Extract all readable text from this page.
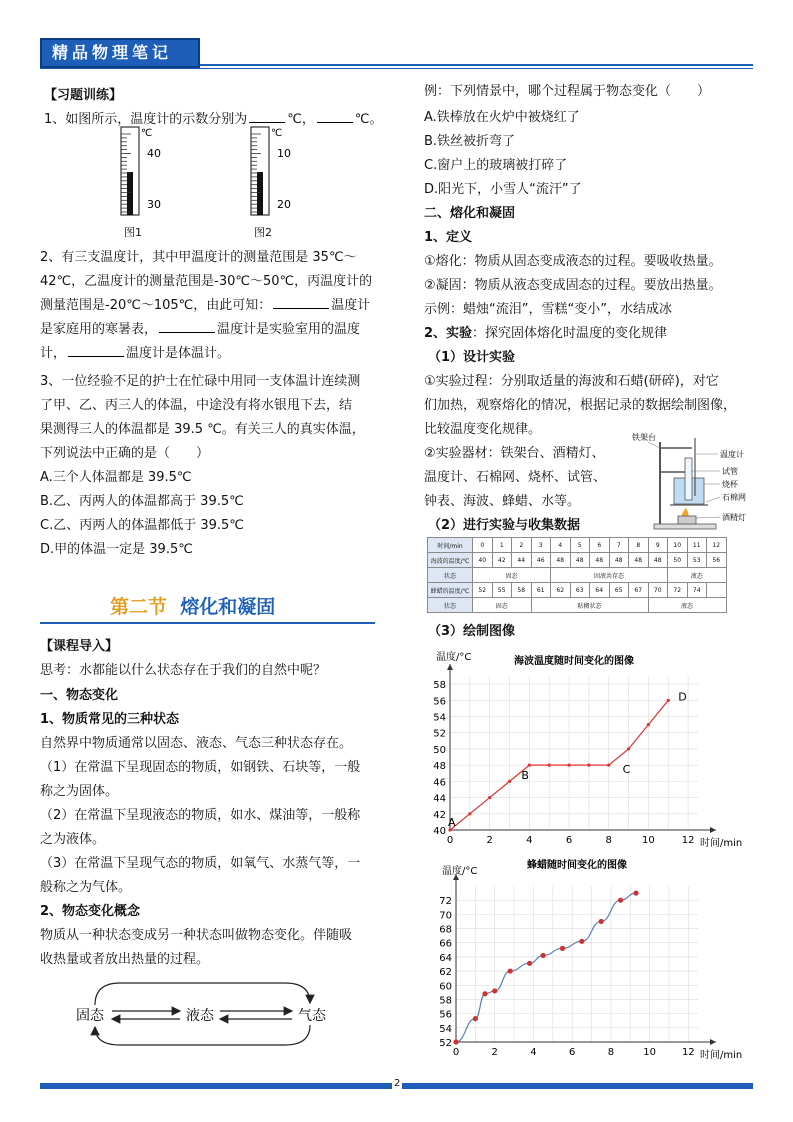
精品物理笔记
【习题训练】
1、如图所示，温度计的示数分别为	℃，	℃。
℃
40
30
图1
℃
10
20
图2
2、有三支温度计，其中甲温度计的测量范围是 35℃～
42℃，乙温度计的测量范围是-30℃～50℃，丙温度计的
测量范围是-20℃～105℃，由此可知：	温度计
是家庭用的寒暑表，	温度计是实验室用的温度
计，	温度计是体温计。
3、一位经验不足的护士在忙碌中用同一支体温计连续测
了甲、乙、丙三人的体温，中途没有将水银甩下去，结
果测得三人的体温都是 39.5 ℃。有关三人的真实体温，
下列说法中正确的是（　　）
A.三个人体温都是 39.5℃
B.乙、丙两人的体温都高于 39.5℃
C.乙、丙两人的体温都低于 39.5℃
D.甲的体温一定是 39.5℃
第二节 熔化和凝固
【课程导入】
思考：水都能以什么状态存在于我们的自然中呢？
一、物态变化
1、物质常见的三种状态
自然界中物质通常以固态、液态、气态三种状态存在。
（1）在常温下呈现固态的物质，如钢铁、石块等，一般
称之为固体。
（2）在常温下呈现液态的物质，如水、煤油等，一般称
之为液体。
（3）在常温下呈现气态的物质，如氧气、水蒸气等，一
般称之为气体。
2、物态变化概念
物质从一种状态变成另一种状态叫做物态变化。伴随吸
收热量或者放出热量的过程。
固态	液态	气态
例：下列情景中，哪个过程属于物态变化（　　）
A.铁棒放在火炉中被烧红了
B.铁丝被折弯了
C.窗户上的玻璃被打碎了
D.阳光下，小雪人“流汗”了
二、熔化和凝固
1、定义
①熔化：物质从固态变成液态的过程。要吸收热量。
②凝固：物质从液态变成固态的过程。要放出热量。
示例：蜡烛“流泪”，雪糕“变小”，水结成冰
2、实验：探究固体熔化时温度的变化规律
（1）设计实验
①实验过程：分别取适量的海波和石蜡(研碎)，对它
们加热，观察熔化的情况，根据记录的数据绘制图像，
比较温度变化规律。
②实验器材：铁架台、酒精灯、
温度计、石棉网、烧杯、试管、
钟表、海波、蜂蜡、水等。
铁架台
温度计
试管
烧杯
石棉网
酒精灯
（2）进行实验与收集数据
时间/min	0	1	2	3	4	5	6	7	8	9	10	11	12
海波的温度/℃	40	42	44	46	48	48	48	48	48	48	50	53	56
状态	固态				固液共存态						液态		
蜂蜡的温度/℃	52	55	58	61	62	63	64	65	67	70	72	74	
状态	固态			粘稠状态						液态			
（3）绘制图像
0	2	4	6	8	10	12
40
42
44
46
48
50
52
54
56
58
海波温度随时间变化的图像
温度/°C
时间/min
A
B	C
D
0	2	4	6	8	10	12
52
54
56
58
60
62
64
66
68
70
72
蜂蜡随时间变化的图像
温度/°C
时间/min
2
